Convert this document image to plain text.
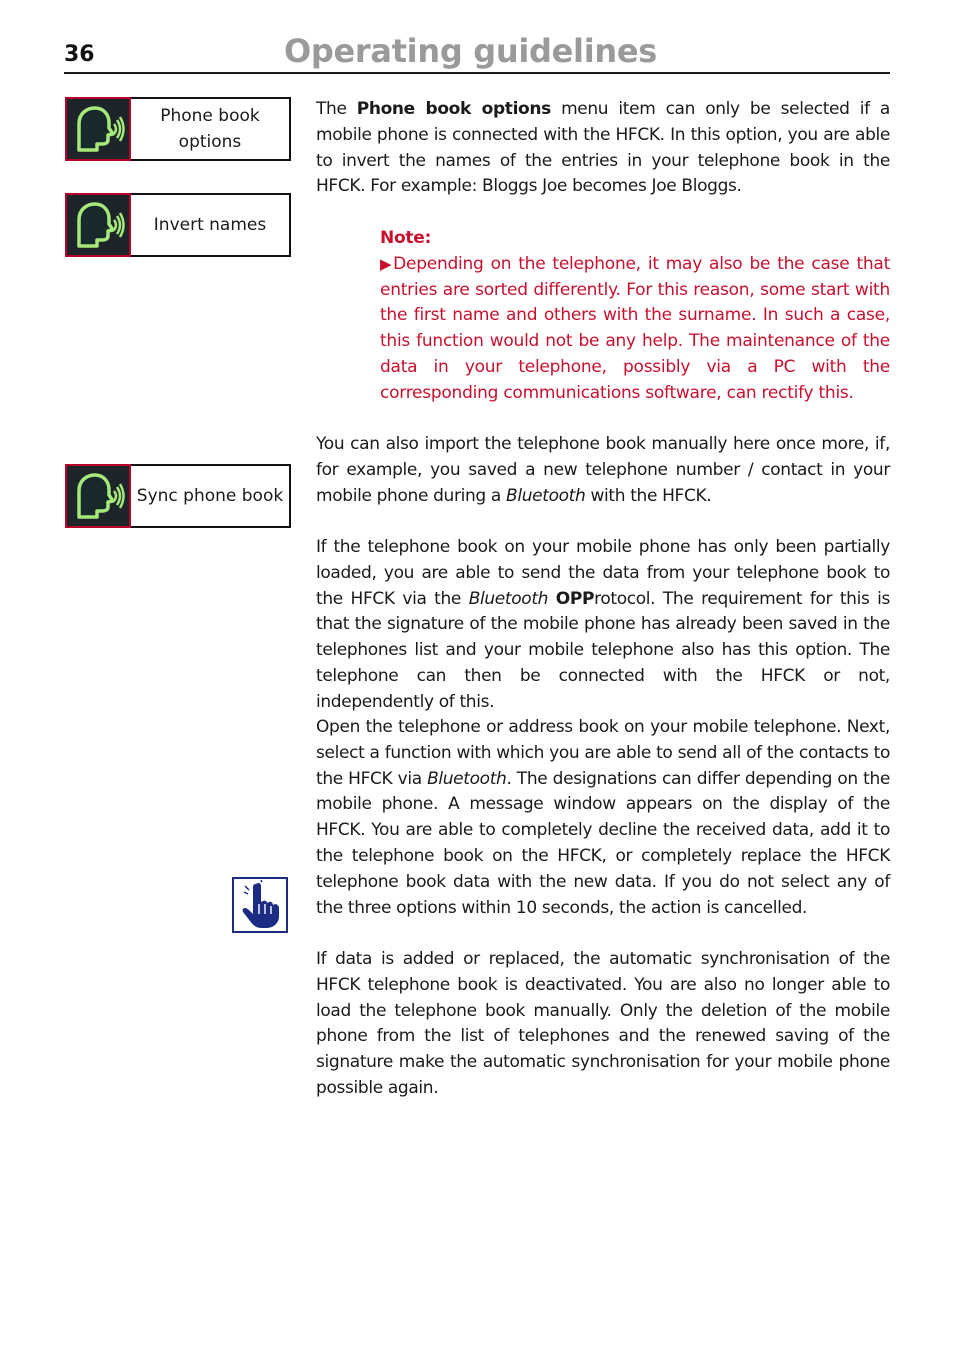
36	Operating guidelines
Phone book
options
Invert names
Sync phone book

The Phone book options menu item can only be selected if a mobile phone is connected with the HFCK. In this option, you are able to invert the names of the entries in your telephone book in the HFCK. For example: Bloggs Joe becomes Joe Bloggs.

Note:
▶Depending on the telephone, it may also be the case that entries are sorted differently. For this reason, some start with the first name and others with the surname. In such a case, this function would not be any help. The maintenance of the data in your telephone, possibly via a PC with the corresponding communications software, can rectify this.

You can also import the telephone book manually here once more, if, for example, you saved a new telephone number / contact in your mobile phone during a Bluetooth with the HFCK.

If the telephone book on your mobile phone has only been partially loaded, you are able to send the data from your telephone book to the HFCK via the Bluetooth OPProtocol. The requirement for this is that the signature of the mobile phone has already been saved in the telephones list and your mobile telephone also has this option. The telephone can then be connected with the HFCK or not, independently of this.

Open the telephone or address book on your mobile telephone. Next, select a function with which you are able to send all of the contacts to the HFCK via Bluetooth. The designations can differ depending on the mobile phone. A message window appears on the display of the HFCK. You are able to completely decline the received data, add it to the telephone book on the HFCK, or completely replace the HFCK telephone book data with the new data. If you do not select any of the three options within 10 seconds, the action is cancelled.

If data is added or replaced, the automatic synchronisation of the HFCK telephone book is deactivated. You are also no longer able to load the telephone book manually. Only the deletion of the mobile phone from the list of telephones and the renewed saving of the signature make the automatic synchronisation for your mobile phone possible again.
